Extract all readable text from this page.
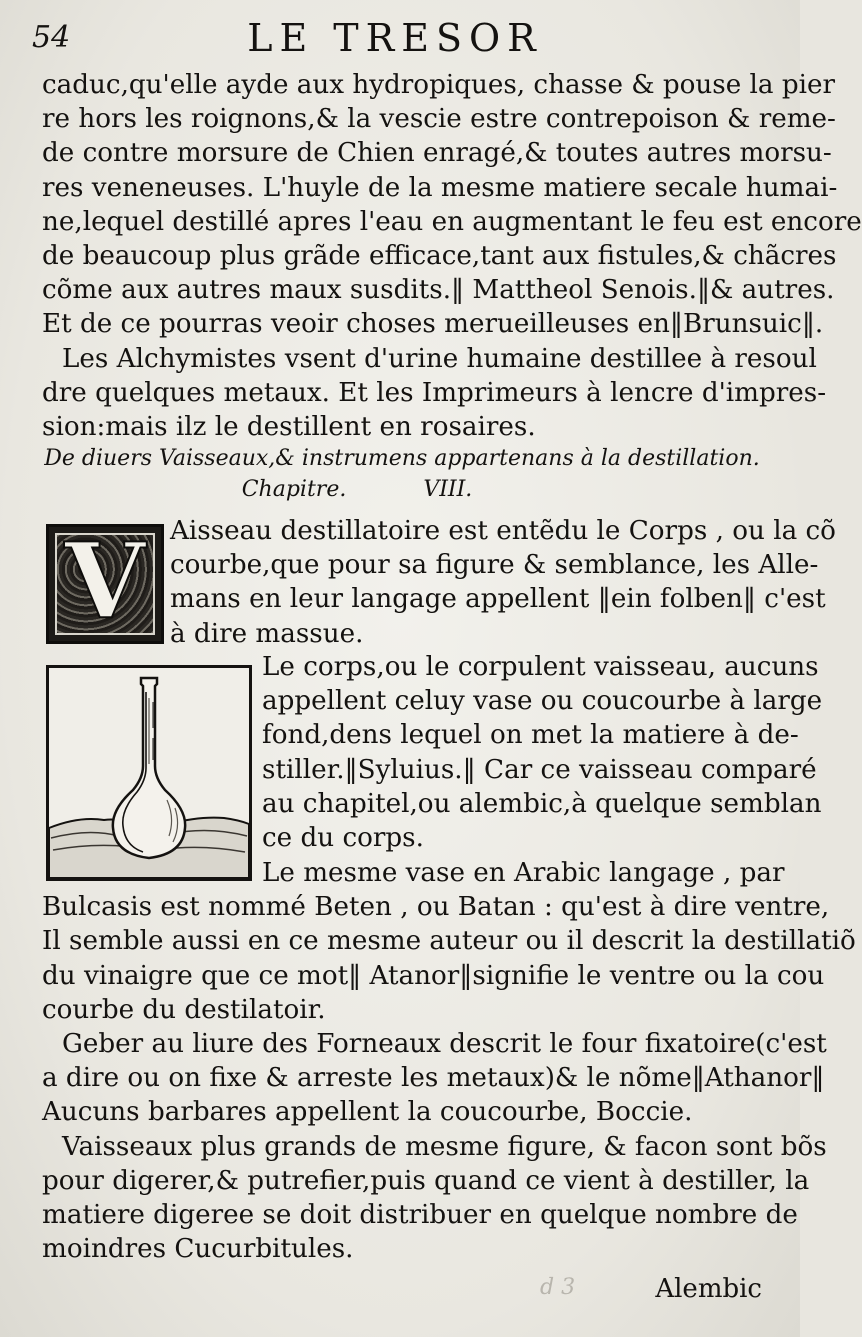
54	LE TRESOR

caduc,qu'elle ayde aux hydropiques, chasse & pouse la pier
re hors les roignons,& la vescie estre contrepoison & reme-
de contre morsure de Chien enragé,& toutes autres morsu-
res veneneuses. L'huyle de la mesme matiere secale humai-
ne,lequel destillé apres l'eau en augmentant le feu est encore
de beaucoup plus grãde efficace,tant aux fistules,& chãcres
cõme aux autres maux susdits.‖ Mattheol Senois.‖& autres.
Et de ce pourras veoir choses merueilleuses en‖Brunsuic‖.

Les Alchymistes vsent d'urine humaine destillee à resoul
dre quelques metaux. Et les Imprimeurs à lencre d'impres-
sion:mais ilz le destillent en rosaires.

De diuers Vaisseaux,& instrumens appartenans à la destillation.
Chapitre.	VIII.
V Aisseau destillatoire est entẽdu le Corps , ou la cõ
courbe,que pour sa figure & semblance, les Alle-
mans en leur langage appellent ‖ein folben‖ c'est
à dire massue.

Le corps,ou le corpulent vaisseau, aucuns
appellent celuy vase ou coucourbe à large
fond,dens lequel on met la matiere à de-
stiller.‖Syluius.‖ Car ce vaisseau comparé
au chapitel,ou alembic,à quelque semblan
ce du corps.

Le mesme vase en Arabic langage , par
Bulcasis est nommé Beten , ou Batan : qu'est à dire ventre,
Il semble aussi en ce mesme auteur ou il descrit la destillatiõ
du vinaigre que ce mot‖ Atanor‖signifie le ventre ou la cou
courbe du destilatoir.

Geber au liure des Forneaux descrit le four fixatoire(c'est
a dire ou on fixe & arreste les metaux)& le nõme‖Athanor‖
Aucuns barbares appellent la coucourbe, Boccie.

Vaisseaux plus grands de mesme figure, & facon sont bõs
pour digerer,& putrefier,puis quand ce vient à destiller, la
matiere digeree se doit distribuer en quelque nombre de
moindres Cucurbitules.

d 3	Alembic
